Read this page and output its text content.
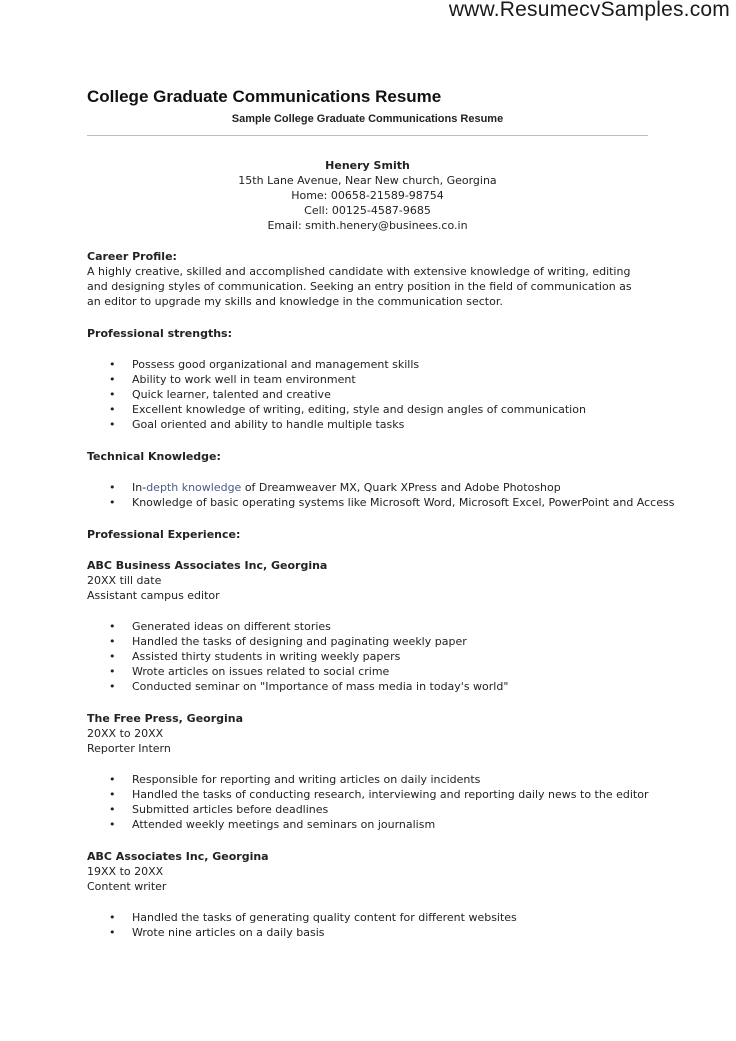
www.ResumecvSamples.com
College Graduate Communications Resume
Sample College Graduate Communications Resume
Henery Smith
15th Lane Avenue, Near New church, Georgina
Home: 00658-21589-98754
Cell: 00125-4587-9685
Email: smith.henery@businees.co.in
Career Profile:

A highly creative, skilled and accomplished candidate with extensive knowledge of writing, editing and designing styles of communication. Seeking an entry position in the field of communication as an editor to upgrade my skills and knowledge in the communication sector.

Professional strengths:
• Possess good organizational and management skills
• Ability to work well in team environment
• Quick learner, talented and creative
• Excellent knowledge of writing, editing, style and design angles of communication
• Goal oriented and ability to handle multiple tasks
Technical Knowledge:
• In-depth knowledge of Dreamweaver MX, Quark XPress and Adobe Photoshop
• Knowledge of basic operating systems like Microsoft Word, Microsoft Excel, PowerPoint and Access
Professional Experience:
ABC Business Associates Inc, Georgina
20XX till date
Assistant campus editor
• Generated ideas on different stories
• Handled the tasks of designing and paginating weekly paper
• Assisted thirty students in writing weekly papers
• Wrote articles on issues related to social crime
• Conducted seminar on "Importance of mass media in today's world"
The Free Press, Georgina
20XX to 20XX
Reporter Intern
• Responsible for reporting and writing articles on daily incidents
• Handled the tasks of conducting research, interviewing and reporting daily news to the editor
• Submitted articles before deadlines
• Attended weekly meetings and seminars on journalism
ABC Associates Inc, Georgina
19XX to 20XX
Content writer
• Handled the tasks of generating quality content for different websites
• Wrote nine articles on a daily basis
